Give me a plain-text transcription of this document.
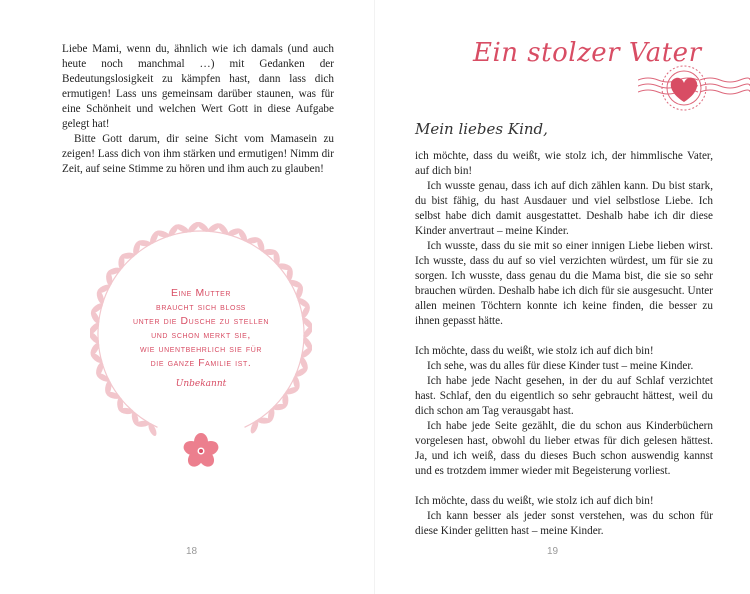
Liebe Mami, wenn du, ähnlich wie ich damals (und auch heute noch manchmal …) mit Gedanken der Bedeutungslosigkeit zu kämpfen hast, dann lass dich ermutigen! Lass uns gemeinsam darüber staunen, was für eine Schönheit und welchen Wert Gott in diese Aufgabe gelegt hat!

Bitte Gott darum, dir seine Sicht vom Mamasein zu zeigen! Lass dich von ihm stärken und ermutigen! Nimm dir Zeit, auf seine Stimme zu hören und ihm auch zu glauben!

Eine Mutter
braucht sich bloß
unter die Dusche zu stellen
und schon merkt sie,
wie unentbehrlich sie für
die ganze Familie ist.
Unbekannt
18
Ein stolzer Vater
Mein liebes Kind,

ich möchte, dass du weißt, wie stolz ich, der himmlische Vater, auf dich bin!

Ich wusste genau, dass ich auf dich zählen kann. Du bist stark, du bist fähig, du hast Ausdauer und viel selbstlose Liebe. Ich selbst habe dich damit ausgestattet. Deshalb habe ich dir diese Kinder anvertraut – meine Kinder.

Ich wusste, dass du sie mit so einer innigen Liebe lieben wirst. Ich wusste, dass du auf so viel verzichten würdest, um für sie zu sorgen. Ich wusste, dass genau du die Mama bist, die sie so sehr brauchen würden. Deshalb habe ich dich für sie ausgesucht. Unter allen meinen Töchtern konnte ich keine finden, die besser zu ihnen gepasst hätte.

Ich möchte, dass du weißt, wie stolz ich auf dich bin!

Ich sehe, was du alles für diese Kinder tust – meine Kinder.

Ich habe jede Nacht gesehen, in der du auf Schlaf verzichtet hast. Schlaf, den du eigentlich so sehr gebraucht hättest, weil du dich schon am Tag verausgabt hast.

Ich habe jede Seite gezählt, die du schon aus Kinderbüchern vorgelesen hast, obwohl du lieber etwas für dich gelesen hättest. Ja, und ich weiß, dass du dieses Buch schon auswendig kannst und es trotzdem immer wieder mit Begeisterung vorliest.

Ich möchte, dass du weißt, wie stolz ich auf dich bin!

Ich kann besser als jeder sonst verstehen, was du schon für diese Kinder gelitten hast – meine Kinder.

19
